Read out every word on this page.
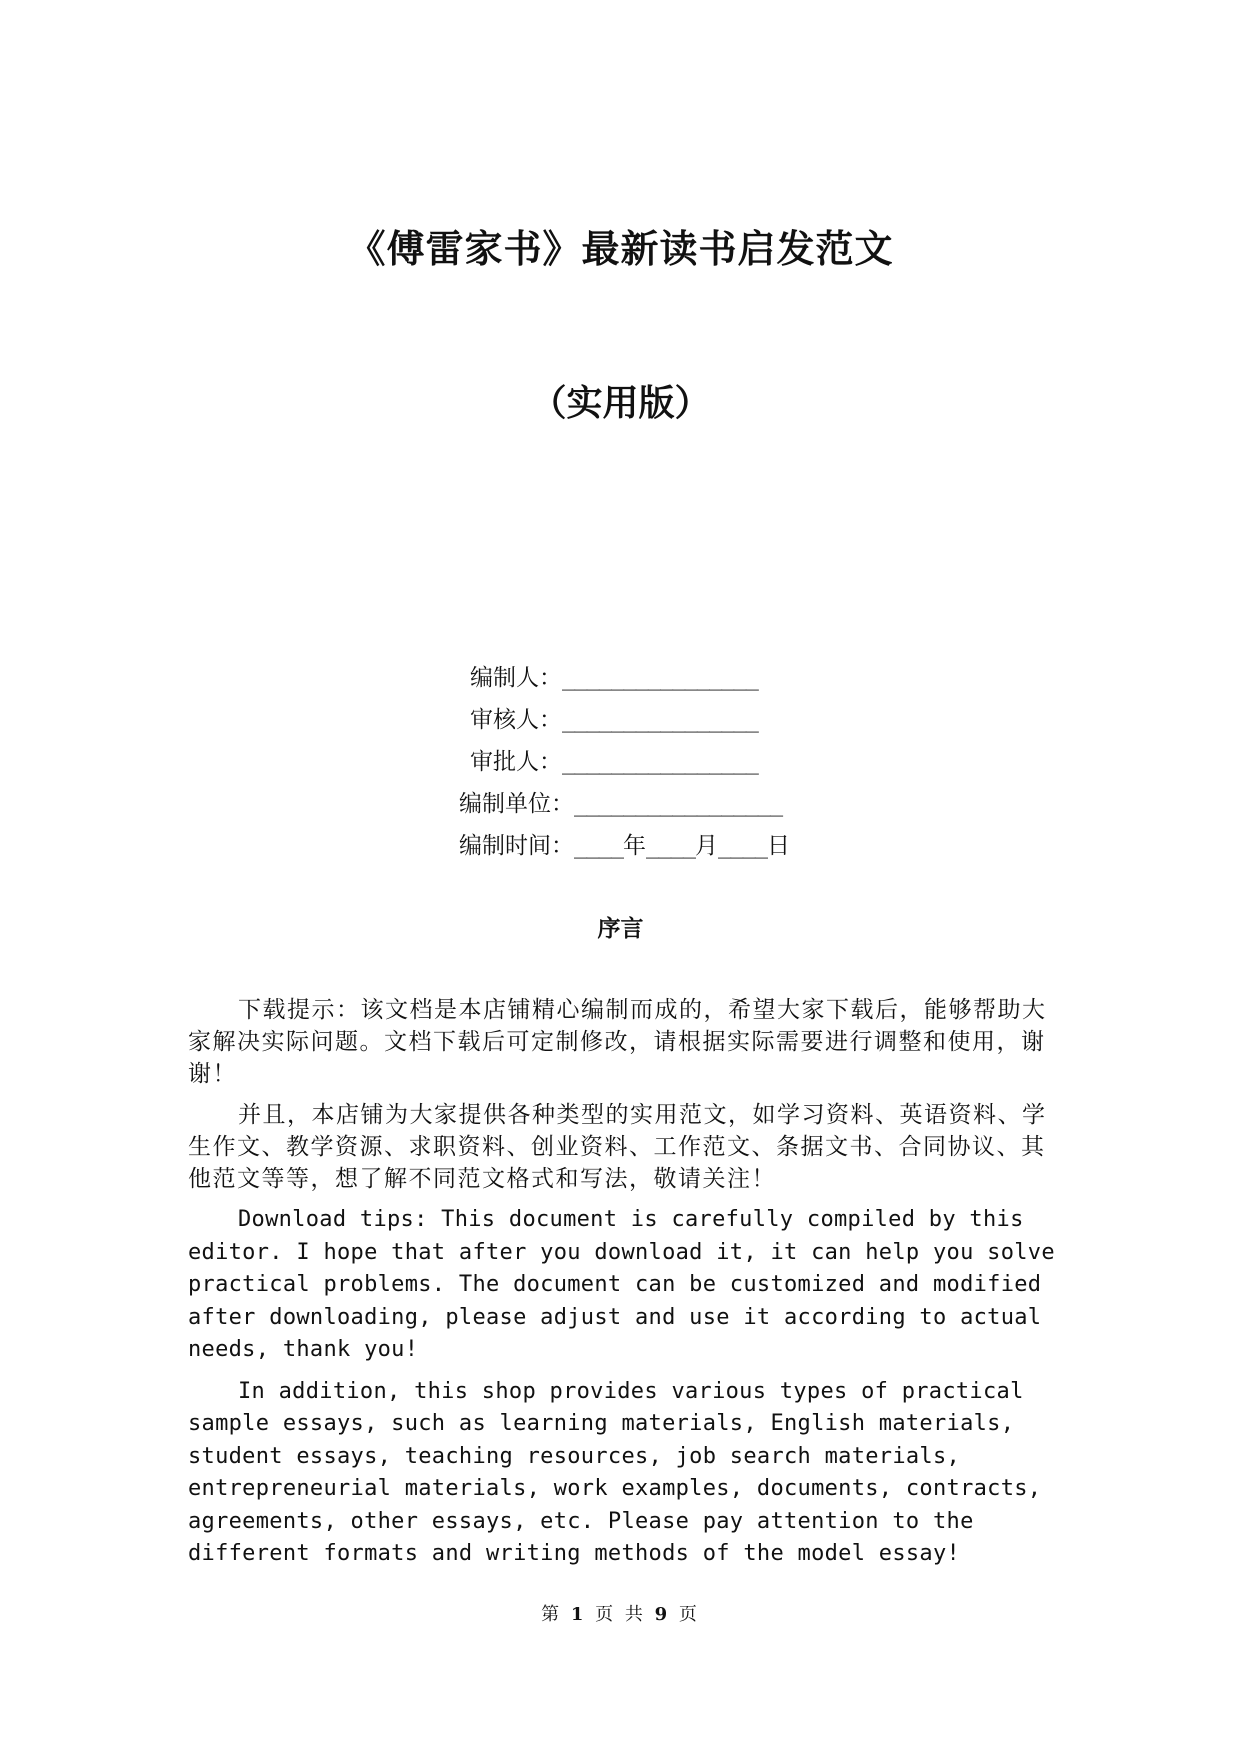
《傅雷家书》最新读书启发范文
（实用版）
编制人：________________
审核人：________________
审批人：________________
编制单位：_________________
编制时间：____年____月____日
序言

下载提示：该文档是本店铺精心编制而成的，希望大家下载后，能够帮助大家解决实际问题。文档下载后可定制修改，请根据实际需要进行调整和使用，谢谢！

并且，本店铺为大家提供各种类型的实用范文，如学习资料、英语资料、学生作文、教学资源、求职资料、创业资料、工作范文、条据文书、合同协议、其他范文等等，想了解不同范文格式和写法，敬请关注！

Download tips: This document is carefully compiled by this editor. I hope that after you download it, it can help you solve practical problems. The document can be customized and modified after downloading, please adjust and use it according to actual needs, thank you!

In addition, this shop provides various types of practical sample essays, such as learning materials, English materials, student essays, teaching resources, job search materials, entrepreneurial materials, work examples, documents, contracts, agreements, other essays, etc. Please pay attention to the different formats and writing methods of the model essay!

第 1 页 共 9 页
